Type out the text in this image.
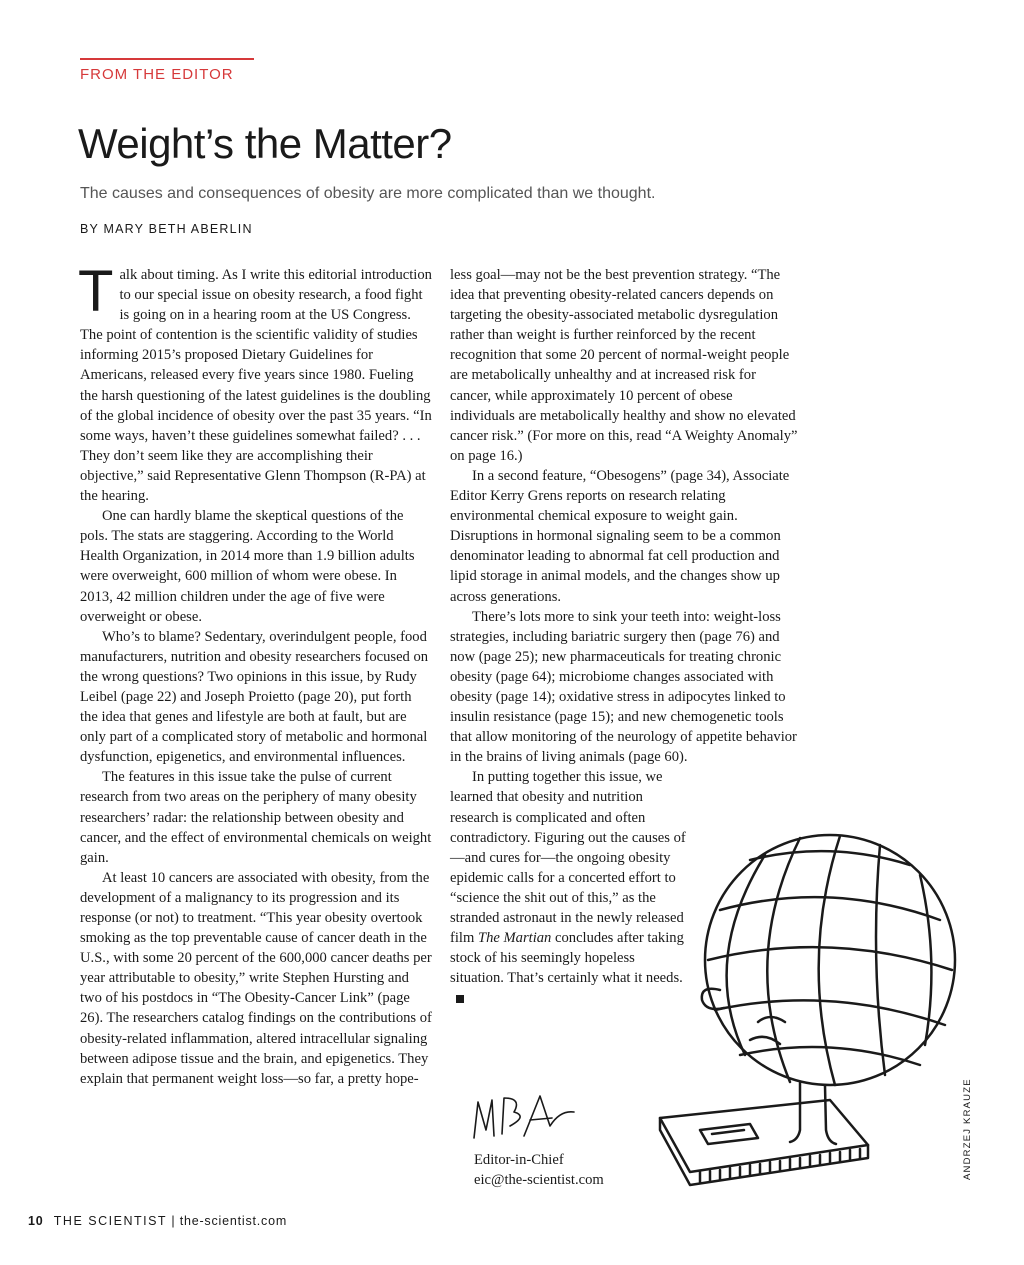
FROM THE EDITOR
Weight’s the Matter?
The causes and consequences of obesity are more complicated than we thought.
BY MARY BETH ABERLIN

Talk about timing. As I write this editorial introduction to our special issue on obesity research, a food fight is going on in a hearing room at the US Congress. The point of contention is the scientific validity of studies informing 2015’s proposed Dietary Guidelines for Americans, released every five years since 1980. Fueling the harsh questioning of the latest guidelines is the doubling of the global incidence of obesity over the past 35 years. “In some ways, haven’t these guidelines somewhat failed? . . . They don’t seem like they are accomplishing their objective,” said Representative Glenn Thompson (R-PA) at the hearing.

One can hardly blame the skeptical questions of the pols. The stats are staggering. According to the World Health Organization, in 2014 more than 1.9 billion adults were overweight, 600 million of whom were obese. In 2013, 42 million children under the age of five were overweight or obese.

Who’s to blame? Sedentary, overindulgent people, food manufacturers, nutrition and obesity researchers focused on the wrong questions? Two opinions in this issue, by Rudy Leibel (page 22) and Joseph Proietto (page 20), put forth the idea that genes and lifestyle are both at fault, but are only part of a complicated story of metabolic and hormonal dysfunction, epigenetics, and environmental influences.

The features in this issue take the pulse of current research from two areas on the periphery of many obesity researchers’ radar: the relationship between obesity and cancer, and the effect of environmental chemicals on weight gain.

At least 10 cancers are associated with obesity, from the development of a malignancy to its progression and its response (or not) to treatment. “This year obesity overtook smoking as the top preventable cause of cancer death in the U.S., with some 20 percent of the 600,000 cancer deaths per year attributable to obesity,” write Stephen Hursting and two of his postdocs in “The Obesity-Cancer Link” (page 26). The researchers catalog findings on the contributions of obesity-related inflammation, altered intracellular signaling between adipose tissue and the brain, and epigenetics. They explain that permanent weight loss—so far, a pretty hope-

less goal—may not be the best prevention strategy. “The idea that preventing obesity-related cancers depends on targeting the obesity-associated metabolic dysregulation rather than weight is further reinforced by the recent recognition that some 20 percent of normal-weight people are metabolically unhealthy and at increased risk for cancer, while approximately 10 percent of obese individuals are metabolically healthy and show no elevated cancer risk.” (For more on this, read “A Weighty Anomaly” on page 16.)

In a second feature, “Obesogens” (page 34), Associate Editor Kerry Grens reports on research relating environmental chemical exposure to weight gain. Disruptions in hormonal signaling seem to be a common denominator leading to abnormal fat cell production and lipid storage in animal models, and the changes show up across generations.

There’s lots more to sink your teeth into: weight-loss strategies, including bariatric surgery then (page 76) and now (page 25); new pharmaceuticals for treating chronic obesity (page 64); microbiome changes associated with obesity (page 14); oxidative stress in adipocytes linked to insulin resistance (page 15); and new chemogenetic tools that allow monitoring of the neurology of appetite behavior in the brains of living animals (page 60).

In putting together this issue, we learned that obesity and nutrition research is complicated and often contradictory. Figuring out the causes of—and cures for—the ongoing obesity epidemic calls for a concerted effort to “science the shit out of this,” as the stranded astronaut in the newly released film The Martian concludes after taking stock of his seemingly hopeless situation. That’s certainly what it needs.

Editor-in-Chief
eic@the-scientist.com	ANDRZEJ KRAUZE
10 THE SCIENTIST | the-scientist.com
